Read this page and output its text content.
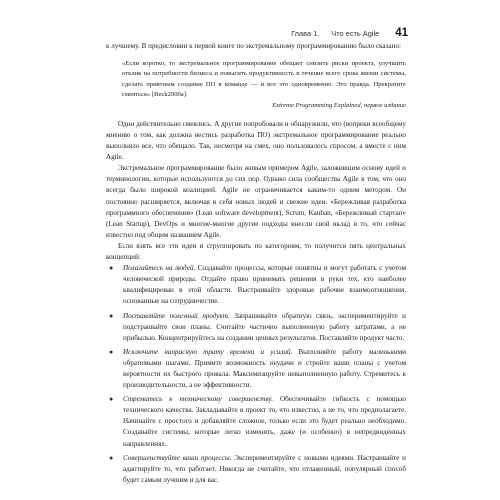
Глава 1. Что есть Agile 41

к лучшему. В предисловии к первой книге по экстремальному программированию было сказано:

«Если коротко, то экстремальное программирование обещает снизить риски проекта, улучшить отклик на потребности бизнеса и повысить продуктивность в течение всего срока жизни системы, сделать приятным создание ПО в команде — и все это одновременно. Это правда. Прекратите смеяться» [Beck2000a].
Extreme Programming Explained, первое издание

Одни действительно смеялись. А другие попробовали и обнаружили, что (вопреки всеобщему мнению о том, как должна вестись разработка ПО) экстремальное программирование реально выполняло все, что обещало. Так, несмотря на смех, оно пользовалось спросом, а вместе с ним Agile.

Экстремальное программирование было живым примером Agile, заложившим основу идей и терминологии, которые используются до сих пор. Однако сила сообщества Agile в том, что оно всегда было широкой коалицией. Agile не ограничивается каким-то одним методом. Он постоянно расширяется, включая в себя новых людей и свежие идеи. «Бережливая разработка программного обеспечения» (Lean software development), Scrum, Kanban, «Бережливый стартап» (Lean Startup), DevOps и многие-многие другие подходы внесли свой вклад в то, что сейчас известно под общим названием Agile.

Если взять все эти идеи и сгруппировать по категориям, то получится пять центральных концепций:

● Полагайтесь на людей. Создавайте процессы, которые понятны и могут работать с учетом человеческой природы. Отдайте право принимать решения в руки тех, кто наиболее квалифицирован в этой области. Выстраивайте здоровые рабочие взаимоотношения, основанные на сотрудничестве.
● Поставляйте полезный продукт. Запрашивайте обратную связь, экспериментируйте и подстраивайте свои планы. Считайте частично выполненную работу затратами, а не прибылью. Концентрируйтесь на создании ценных результатов. Поставляйте продукт часто.
● Исключите напрасную трату времени и усилий. Выполняйте работу маленькими обратимыми шагами. Примите возможность неудачи и стройте ваши планы с учетом вероятности их быстрого провала. Максимизируйте невыполненную работу. Стремитесь к производительности, а не эффективности.
● Стремитесь к техническому совершенству. Обеспечивайте гибкость с помощью технического качества. Закладывайте в проект то, что известно, а не то, что предполагаете. Начинайте с простого и добавляйте сложное, только если это будет реально необходимо. Создавайте системы, которые легко изменять, даже (и особенно) в непредвиденных направлениях.
● Совершенствуйте ваши процессы. Экспериментируйте с новыми идеями. Настраивайте и адаптируйте то, что работает. Никогда не считайте, что отлаженный, популярный способ будет самым лучшим и для вас.
